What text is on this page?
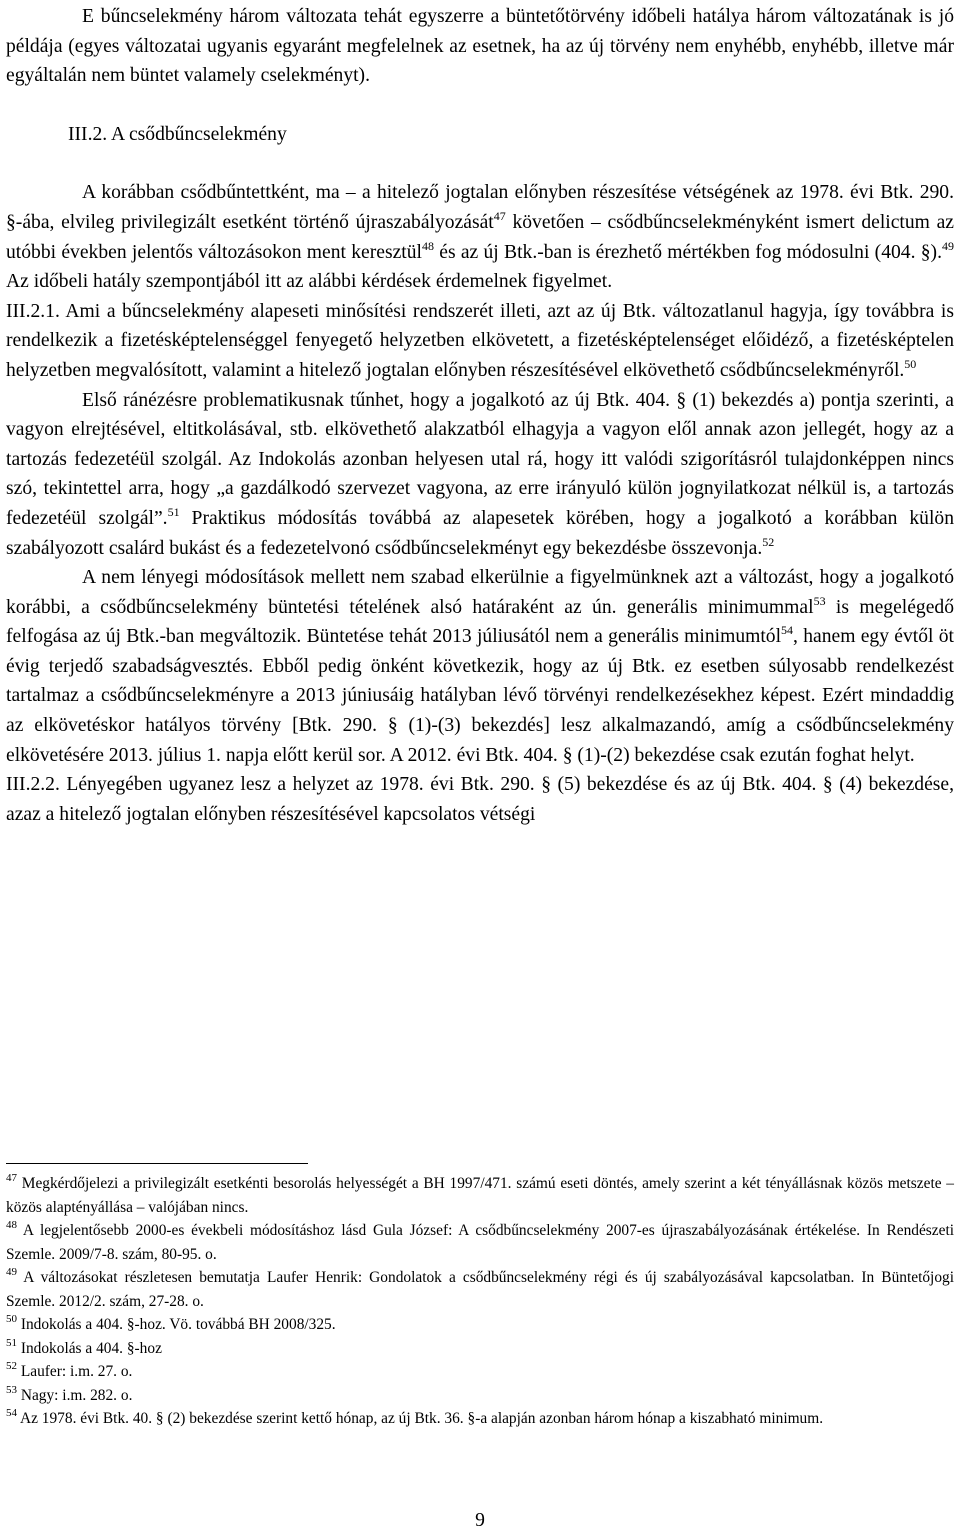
E bűncselekmény három változata tehát egyszerre a büntetőtörvény időbeli hatálya három változatának is jó példája (egyes változatai ugyanis egyaránt megfelelnek az esetnek, ha az új törvény nem enyhébb, enyhébb, illetve már egyáltalán nem büntet valamely cselekményt).

III.2. A csődbűncselekmény

A korábban csődbűntettként, ma – a hitelező jogtalan előnyben részesítése vétségének az 1978. évi Btk. 290. §-ába, elvileg privilegizált esetként történő újraszabályozását$^{47}$ követően – csődbűncselekményként ismert delictum az utóbbi években jelentős változásokon ment keresztül$^{48}$ és az új Btk.-ban is érezhető mértékben fog módosulni (404. §).$^{49}$ Az időbeli hatály szempontjából itt az alábbi kérdések érdemelnek figyelmet.

III.2.1. Ami a bűncselekmény alapeseti minősítési rendszerét illeti, azt az új Btk. változatlanul hagyja, így továbbra is rendelkezik a fizetésképtelenséggel fenyegető helyzetben elkövetett, a fizetésképtelenséget előidéző, a fizetésképtelen helyzetben megvalósított, valamint a hitelező jogtalan előnyben részesítésével elkövethető csődbűncselekményről.$^{50}$

Első ránézésre problematikusnak tűnhet, hogy a jogalkotó az új Btk. 404. § (1) bekezdés a) pontja szerinti, a vagyon elrejtésével, eltitkolásával, stb. elkövethető alakzatból elhagyja a vagyon elől annak azon jellegét, hogy az a tartozás fedezetéül szolgál. Az Indokolás azonban helyesen utal rá, hogy itt valódi szigorításról tulajdonképpen nincs szó, tekintettel arra, hogy „a gazdálkodó szervezet vagyona, az erre irányuló külön jognyilatkozat nélkül is, a tartozás fedezetéül szolgál”.$^{51}$ Praktikus módosítás továbbá az alapesetek körében, hogy a jogalkotó a korábban külön szabályozott csalárd bukást és a fedezetelvonó csődbűncselekményt egy bekezdésbe összevonja.$^{52}$

A nem lényegi módosítások mellett nem szabad elkerülnie a figyelmünknek azt a változást, hogy a jogalkotó korábbi, a csődbűncselekmény büntetési tételének alsó határaként az ún. generális minimummal$^{53}$ is megelégedő felfogása az új Btk.-ban megváltozik. Büntetése tehát 2013 júliusától nem a generális minimumtól$^{54}$, hanem egy évtől öt évig terjedő szabadságvesztés. Ebből pedig önként következik, hogy az új Btk. ez esetben súlyosabb rendelkezést tartalmaz a csődbűncselekményre a 2013 júniusáig hatályban lévő törvényi rendelkezésekhez képest. Ezért mindaddig az elkövetéskor hatályos törvény [Btk. 290. § (1)-(3) bekezdés] lesz alkalmazandó, amíg a csődbűncselekmény elkövetésére 2013. július 1. napja előtt kerül sor. A 2012. évi Btk. 404. § (1)-(2) bekezdése csak ezután foghat helyt.

III.2.2. Lényegében ugyanez lesz a helyzet az 1978. évi Btk. 290. § (5) bekezdése és az új Btk. 404. § (4) bekezdése, azaz a hitelező jogtalan előnyben részesítésével kapcsolatos vétségi

$^{47}$ Megkérdőjelezi a privilegizált esetkénti besorolás helyességét a BH 1997/471. számú eseti döntés, amely szerint a két tényállásnak közös metszete – közös alaptényállása – valójában nincs.

$^{48}$ A legjelentősebb 2000-es évekbeli módosításhoz lásd Gula József: A csődbűncselekmény 2007-es újraszabályozásának értékelése. In Rendészeti Szemle. 2009/7-8. szám, 80-95. o.

$^{49}$ A változásokat részletesen bemutatja Laufer Henrik: Gondolatok a csődbűncselekmény régi és új szabályozásával kapcsolatban. In Büntetőjogi Szemle. 2012/2. szám, 27-28. o.

$^{50}$ Indokolás a 404. §-hoz. Vö. továbbá BH 2008/325.

$^{51}$ Indokolás a 404. §-hoz

$^{52}$ Laufer: i.m. 27. o.

$^{53}$ Nagy: i.m. 282. o.

$^{54}$ Az 1978. évi Btk. 40. § (2) bekezdése szerint kettő hónap, az új Btk. 36. §-a alapján azonban három hónap a kiszabható minimum.

9
